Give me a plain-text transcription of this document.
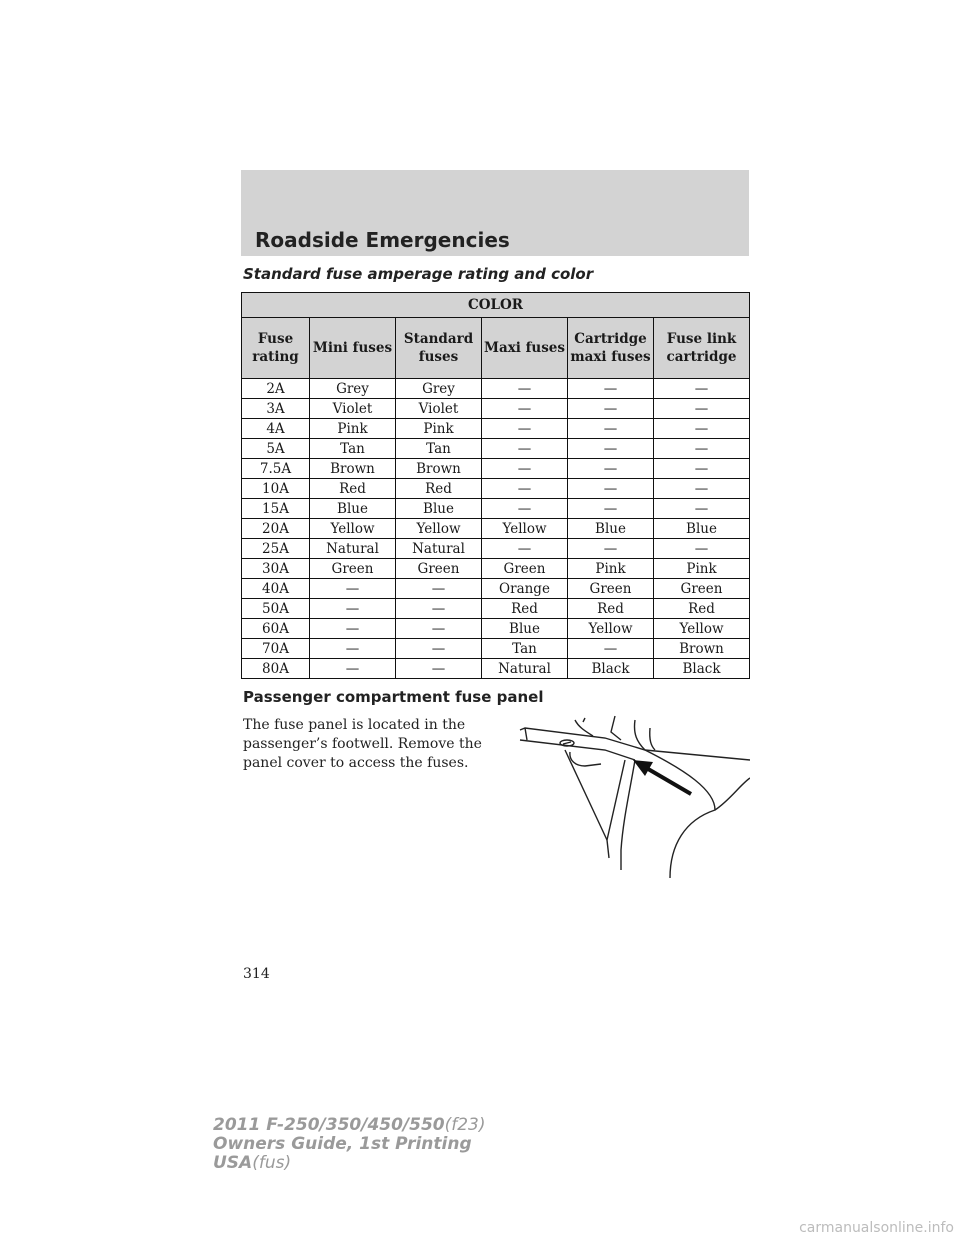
Roadside Emergencies
Standard fuse amperage rating and color
COLOR					
Fuse rating	Mini fuses	Standard fuses	Maxi fuses	Cartridge maxi fuses	Fuse link cartridge
2A	Grey	Grey	—	—	—
3A	Violet	Violet	—	—	—
4A	Pink	Pink	—	—	—
5A	Tan	Tan	—	—	—
7.5A	Brown	Brown	—	—	—
10A	Red	Red	—	—	—
15A	Blue	Blue	—	—	—
20A	Yellow	Yellow	Yellow	Blue	Blue
25A	Natural	Natural	—	—	—
30A	Green	Green	Green	Pink	Pink
40A	—	—	Orange	Green	Green
50A	—	—	Red	Red	Red
60A	—	—	Blue	Yellow	Yellow
70A	—	—	Tan	—	Brown
80A	—	—	Natural	Black	Black
Passenger compartment fuse panel
The fuse panel is located in the passenger’s footwell. Remove the panel cover to access the fuses.
314
2011 F-250/350/450/550(f23)
Owners Guide, 1st Printing
USA(fus)
carmanualsonline.info
